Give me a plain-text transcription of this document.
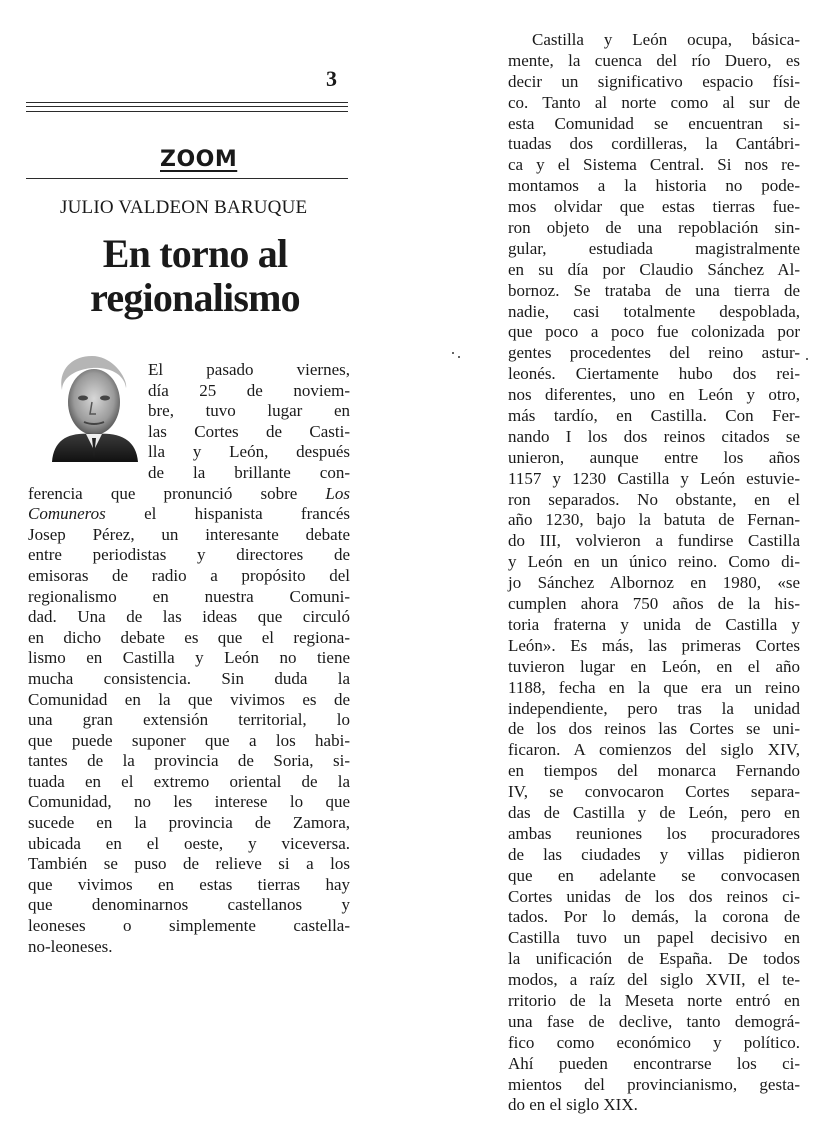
3
ZOOM
JULIO VALDEON BARUQUE
En torno al
regionalismo
El pasado viernes,
día 25 de noviem-
bre, tuvo lugar en
las Cortes de Casti-
lla y León, después
de la brillante con-
ferencia que pronunció sobre Los
Comuneros el hispanista francés
Josep Pérez, un interesante debate
entre periodistas y directores de
emisoras de radio a propósito del
regionalismo en nuestra Comuni-
dad. Una de las ideas que circuló
en dicho debate es que el regiona-
lismo en Castilla y León no tiene
mucha consistencia. Sin duda la
Comunidad en la que vivimos es de
una gran extensión territorial, lo
que puede suponer que a los habi-
tantes de la provincia de Soria, si-
tuada en el extremo oriental de la
Comunidad, no les interese lo que
sucede en la provincia de Zamora,
ubicada en el oeste, y viceversa.
También se puso de relieve si a los
que vivimos en estas tierras hay
que denominarnos castellanos y
leoneses o simplemente castella-
no-leoneses.
Castilla y León ocupa, básica-
mente, la cuenca del río Duero, es
decir un significativo espacio físi-
co. Tanto al norte como al sur de
esta Comunidad se encuentran si-
tuadas dos cordilleras, la Cantábri-
ca y el Sistema Central. Si nos re-
montamos a la historia no pode-
mos olvidar que estas tierras fue-
ron objeto de una repoblación sin-
gular, estudiada magistralmente
en su día por Claudio Sánchez Al-
bornoz. Se trataba de una tierra de
nadie, casi totalmente despoblada,
que poco a poco fue colonizada por
gentes procedentes del reino astur-
leonés. Ciertamente hubo dos rei-
nos diferentes, uno en León y otro,
más tardío, en Castilla. Con Fer-
nando I los dos reinos citados se
unieron, aunque entre los años
1157 y 1230 Castilla y León estuvie-
ron separados. No obstante, en el
año 1230, bajo la batuta de Fernan-
do III, volvieron a fundirse Castilla
y León en un único reino. Como di-
jo Sánchez Albornoz en 1980, «se
cumplen ahora 750 años de la his-
toria fraterna y unida de Castilla y
León». Es más, las primeras Cortes
tuvieron lugar en León, en el año
1188, fecha en la que era un reino
independiente, pero tras la unidad
de los dos reinos las Cortes se uni-
ficaron. A comienzos del siglo XIV,
en tiempos del monarca Fernando
IV, se convocaron Cortes separa-
das de Castilla y de León, pero en
ambas reuniones los procuradores
de las ciudades y villas pidieron
que en adelante se convocasen
Cortes unidas de los dos reinos ci-
tados. Por lo demás, la corona de
Castilla tuvo un papel decisivo en
la unificación de España. De todos
modos, a raíz del siglo XVII, el te-
rritorio de la Meseta norte entró en
una fase de declive, tanto demográ-
fico como económico y político.
Ahí pueden encontrarse los ci-
mientos del provincianismo, gesta-
do en el siglo XIX.
